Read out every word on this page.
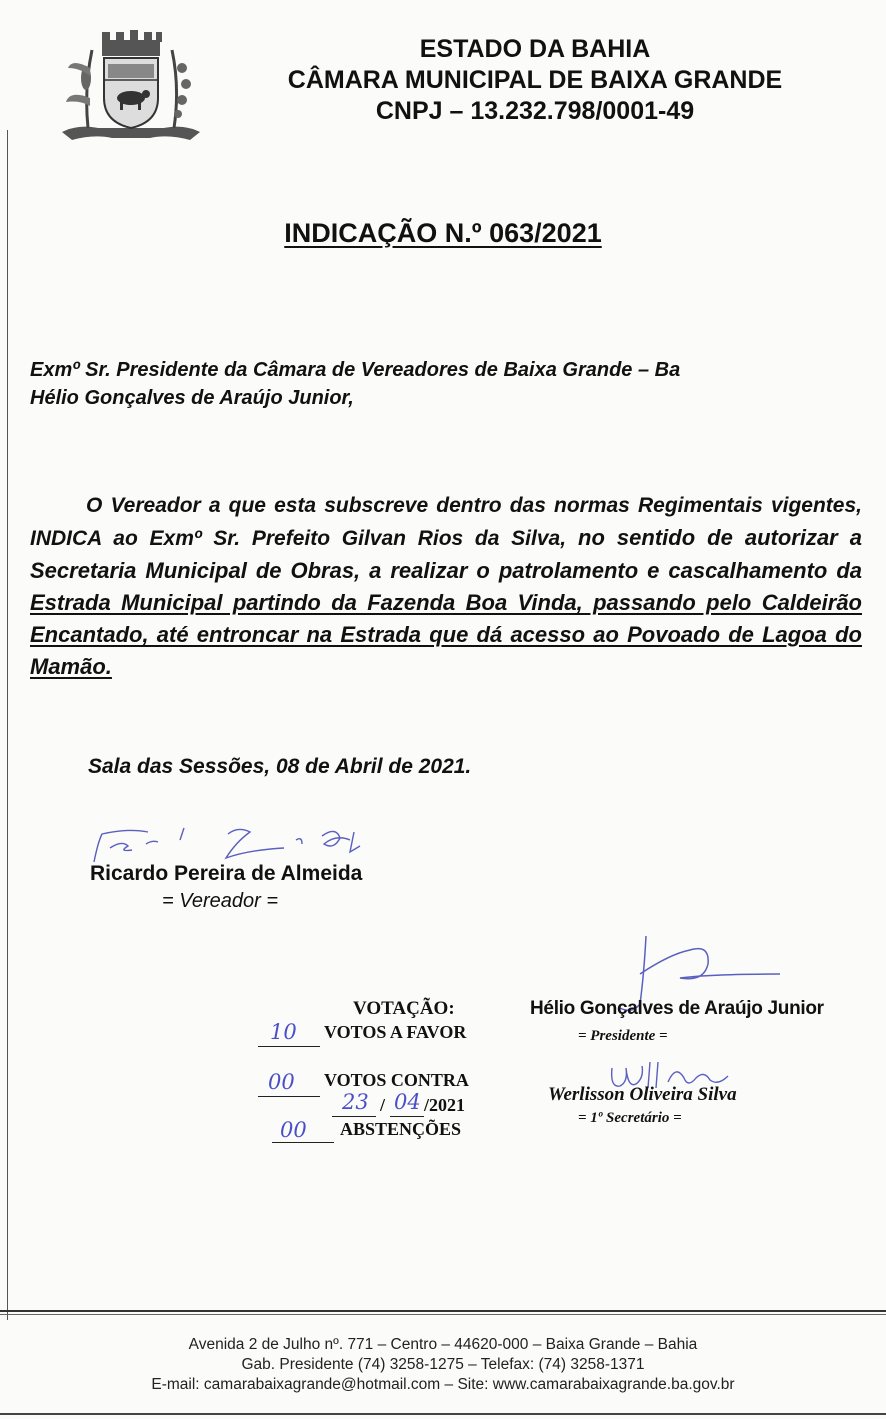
ESTADO DA BAHIA
CÂMARA MUNICIPAL DE BAIXA GRANDE
CNPJ – 13.232.798/0001-49
INDICAÇÃO N.º 063/2021
Exmº Sr. Presidente da Câmara de Vereadores de Baixa Grande – Ba
Hélio Gonçalves de Araújo Junior,

O Vereador a que esta subscreve dentro das normas Regimentais vigentes, INDICA ao Exmº Sr. Prefeito Gilvan Rios da Silva, no sentido de autorizar a Secretaria Municipal de Obras, a realizar o patrolamento e cascalhamento da Estrada Municipal partindo da Fazenda Boa Vinda, passando pelo Caldeirão Encantado, até entroncar na Estrada que dá acesso ao Povoado de Lagoa do Mamão.

Sala das Sessões, 08 de Abril de 2021.
Ricardo Pereira de Almeida
= Vereador =
VOTAÇÃO:
10 VOTOS A FAVOR
00 VOTOS CONTRA
23 / 04 /2021
00 ABSTENÇÕES
Hélio Gonçalves de Araújo Junior
= Presidente =
Werlisson Oliveira Silva
= 1º Secretário =
Avenida 2 de Julho nº. 771 – Centro – 44620-000 – Baixa Grande – Bahia
Gab. Presidente (74) 3258-1275 – Telefax: (74) 3258-1371
E-mail: camarabaixagrande@hotmail.com – Site: www.camarabaixagrande.ba.gov.br
